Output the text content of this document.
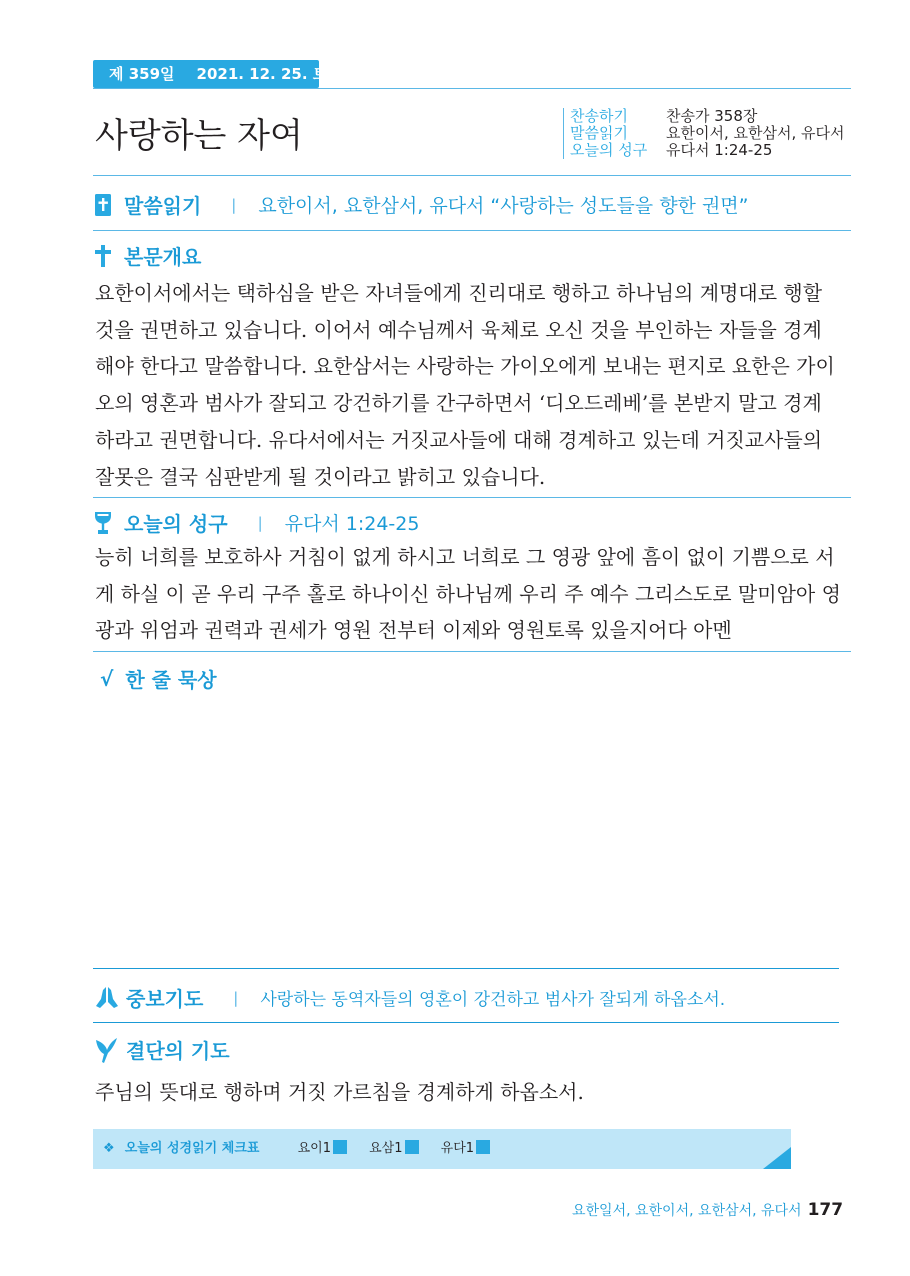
제 359일 2021. 12. 25. 토
사랑하는 자여	찬송하기	찬송가 358장
말씀읽기	요한이서, 요한삼서, 유다서
오늘의 성구	유다서 1:24-25
말씀읽기 | 요한이서, 요한삼서, 유다서 “사랑하는 성도들을 향한 권면”
본문개요
요한이서에서는 택하심을 받은 자녀들에게 진리대로 행하고 하나님의 계명대로 행할
것을 권면하고 있습니다. 이어서 예수님께서 육체로 오신 것을 부인하는 자들을 경계
해야 한다고 말씀합니다. 요한삼서는 사랑하는 가이오에게 보내는 편지로 요한은 가이
오의 영혼과 범사가 잘되고 강건하기를 간구하면서 ‘디오드레베’를 본받지 말고 경계
하라고 권면합니다. 유다서에서는 거짓교사들에 대해 경계하고 있는데 거짓교사들의
잘못은 결국 심판받게 될 것이라고 밝히고 있습니다.
오늘의 성구 | 유다서 1:24-25
능히 너희를 보호하사 거침이 없게 하시고 너희로 그 영광 앞에 흠이 없이 기쁨으로 서
게 하실 이 곧 우리 구주 홀로 하나이신 하나님께 우리 주 예수 그리스도로 말미암아 영
광과 위엄과 권력과 권세가 영원 전부터 이제와 영원토록 있을지어다 아멘
√ 한 줄 묵상
중보기도 | 사랑하는 동역자들의 영혼이 강건하고 범사가 잘되게 하옵소서.
결단의 기도
주님의 뜻대로 행하며 거짓 가르침을 경계하게 하옵소서.
❖ 오늘의 성경읽기 체크표	요이1	요삼1	유다1
요한일서, 요한이서, 요한삼서, 유다서 177
